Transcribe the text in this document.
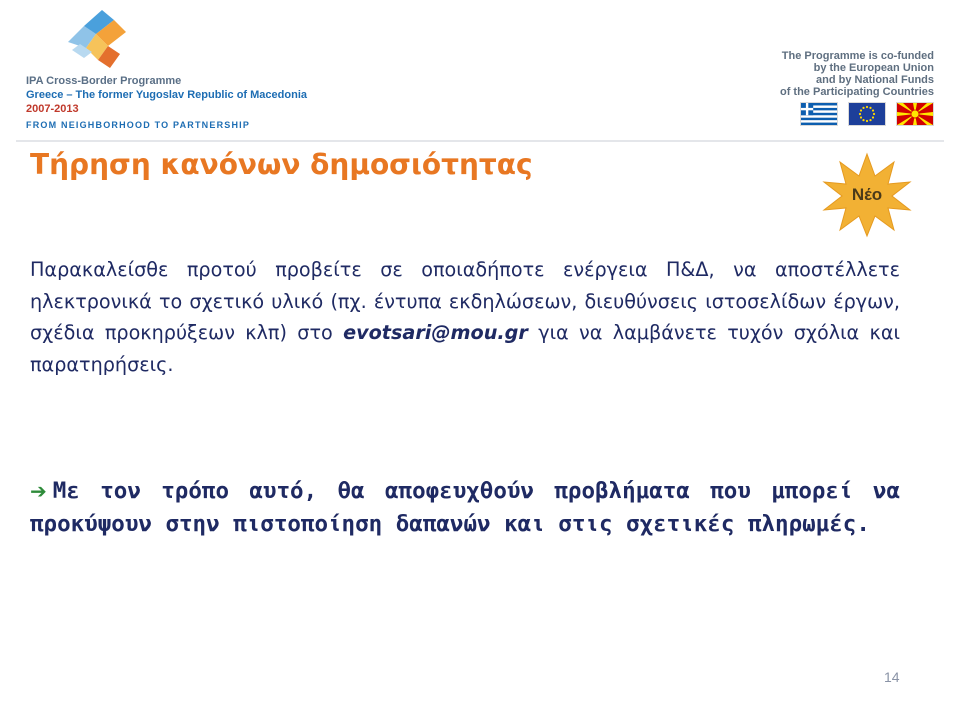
IPA Cross-Border Programme
Greece – The former Yugoslav Republic of Macedonia
2007-2013
FROM NEIGHBORHOOD TO PARTNERSHIP
The Programme is co-funded
by the European Union
and by National Funds
of the Participating Countries
Τήρηση κανόνων δημοσιότητας
Νέο

Παρακαλείσθε προτού προβείτε σε οποιαδήποτε ενέργεια Π&Δ, να αποστέλλετε ηλεκτρονικά το σχετικό υλικό (πχ. έντυπα εκδηλώσεων, διευθύνσεις ιστοσελίδων έργων, σχέδια προκηρύξεων κλπ) στο evotsari@mou.gr για να λαμβάνετε τυχόν σχόλια και παρατηρήσεις.

➔ Με τον τρόπο αυτό, θα αποφευχθούν προβλήματα που μπορεί να προκύψουν στην πιστοποίηση δαπανών και στις σχετικές πληρωμές.

14
